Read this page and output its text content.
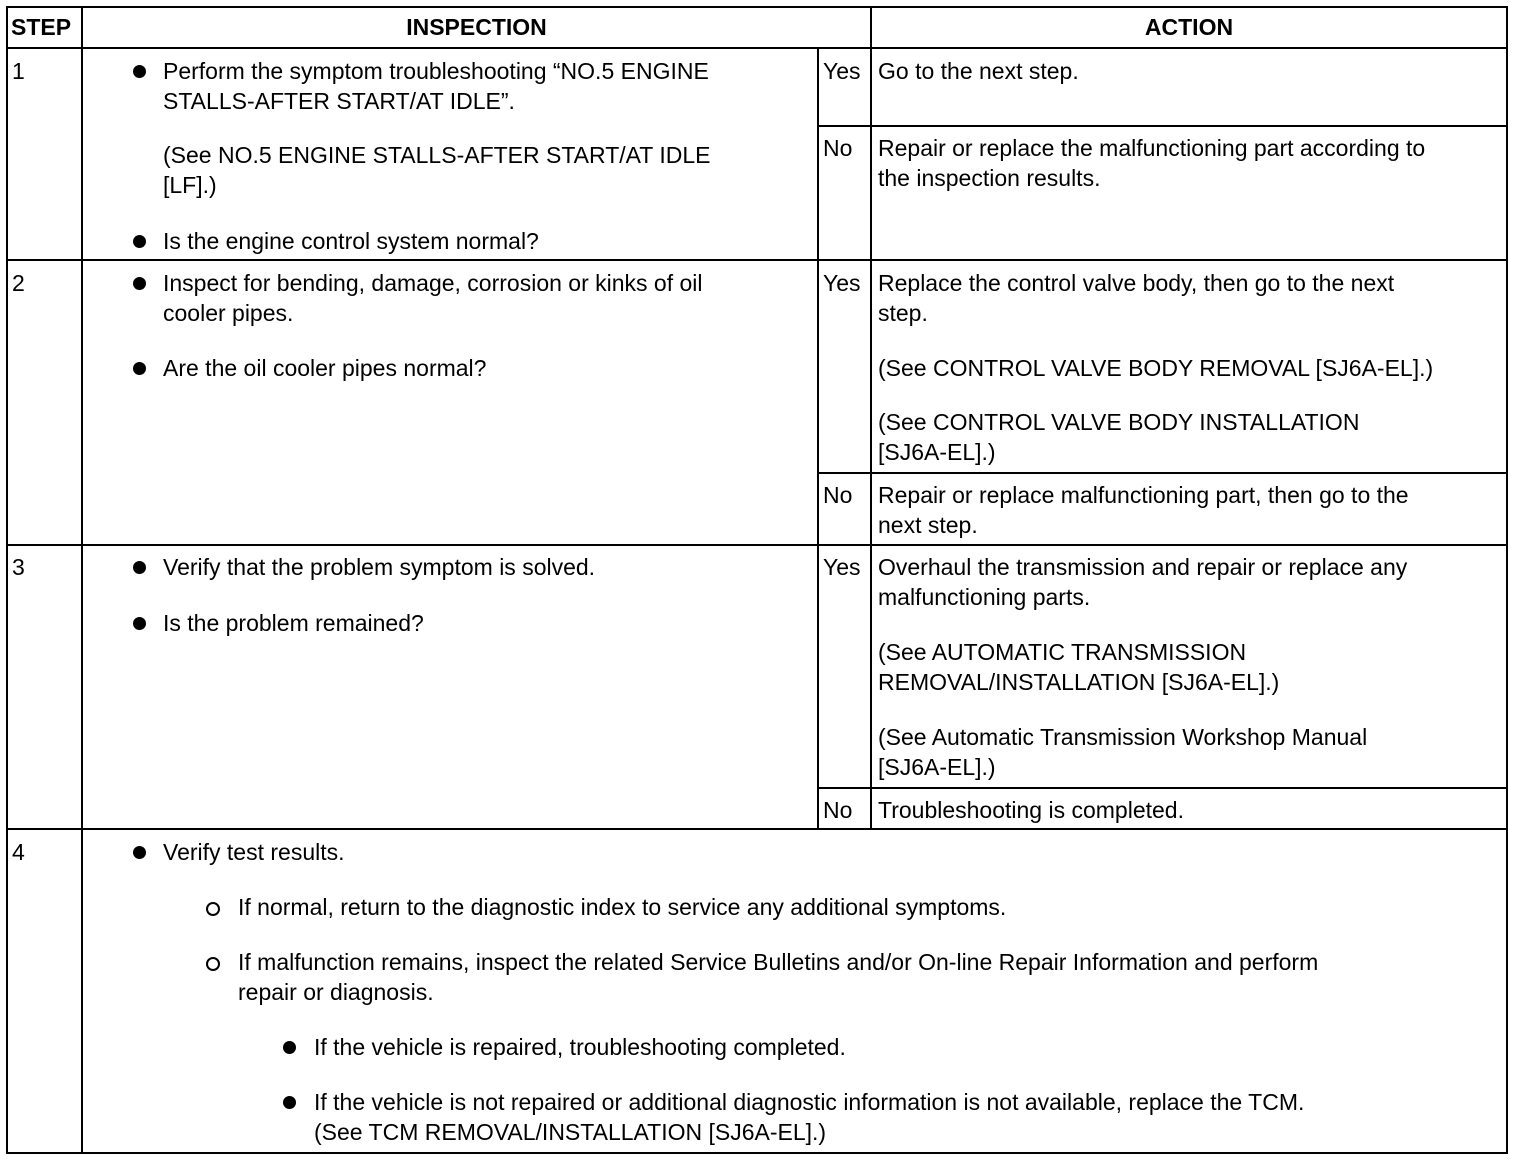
STEP	INSPECTION	ACTION
1	Perform the symptom troubleshooting “NO.5 ENGINE
STALLS-AFTER START/AT IDLE”.
(See NO.5 ENGINE STALLS-AFTER START/AT IDLE
[LF].)
Is the engine control system normal?
Yes Go to the next step.
No Repair or replace the malfunctioning part according to
the inspection results.
2	Inspect for bending, damage, corrosion or kinks of oil
cooler pipes.
Are the oil cooler pipes normal?
Yes Replace the control valve body, then go to the next
step.
(See CONTROL VALVE BODY REMOVAL [SJ6A-EL].)
(See CONTROL VALVE BODY INSTALLATION
[SJ6A-EL].)
No Repair or replace malfunctioning part, then go to the
next step.
3	Verify that the problem symptom is solved.
Is the problem remained?
Yes Overhaul the transmission and repair or replace any
malfunctioning parts.
(See AUTOMATIC TRANSMISSION
REMOVAL/INSTALLATION [SJ6A-EL].)
(See Automatic Transmission Workshop Manual
[SJ6A-EL].)
No Troubleshooting is completed.
4	Verify test results.
If normal, return to the diagnostic index to service any additional symptoms.
If malfunction remains, inspect the related Service Bulletins and/or On-line Repair Information and perform
repair or diagnosis.
If the vehicle is repaired, troubleshooting completed.
If the vehicle is not repaired or additional diagnostic information is not available, replace the TCM.
(See TCM REMOVAL/INSTALLATION [SJ6A-EL].)
